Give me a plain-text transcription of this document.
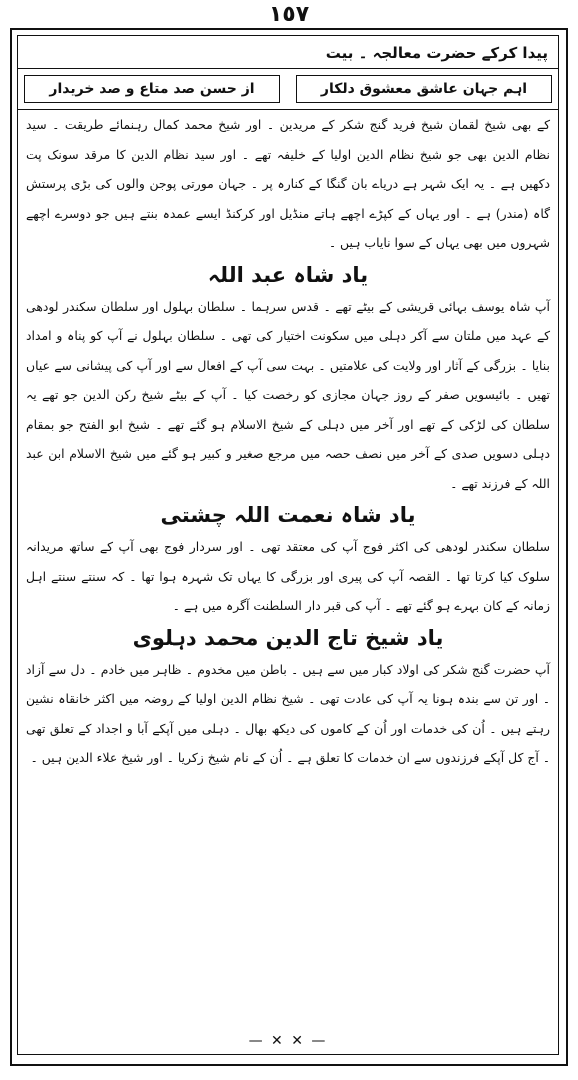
١٥٧
پیدا کرکے حضرت معالجہ ۔ بیت
اہم جہان عاشق معشوق دلکار
از حسن صد متاع و صد خریدار

کے بھی شیخ لقمان شیخ فرید گنج شکر کے مریدین ۔ اور شیخ محمد کمال رہنمائے طریقت ۔ سید نظام الدین بھی جو شیخ نظام الدین اولیا کے خلیفہ تھے ۔ اور سید نظام الدین کا مرقد سونک پت دکھیں ہے ۔ یہ ایک شہر ہے دریاے بان گنگا کے کنارہ پر ۔ جہان مورتی پوجن والوں کی بڑی پرستش گاہ (مندر) ہے ۔ اور یہاں کے کپڑے اچھے ہاتے منڈیل اور کرکنڈ ایسے عمدہ بنتے ہیں جو دوسرے اچھے شہروں میں بھی یہاں کے سوا نایاب ہیں ۔

یاد شاہ عبد اللہ

آپ شاہ یوسف بہائی قریشی کے بیٹے تھے ۔ قدس سرہما ۔ سلطان بہلول اور سلطان سکندر لودھی کے عہد میں ملتان سے آکر دہلی میں سکونت اختیار کی تھی ۔ سلطان بہلول نے آپ کو پناہ و امداد بنایا ۔ بزرگی کے آثار اور ولایت کی علامتیں ۔ بہت سی آپ کے افعال سے اور آپ کی پیشانی سے عیاں تھیں ۔ بائیسویں صفر کے روز جہان مجازی کو رخصت کیا ۔ آپ کے بیٹے شیخ رکن الدین جو تھے یہ سلطان کی لڑکی کے تھے اور آخر میں دہلی کے شیخ الاسلام ہو گئے تھے ۔ شیخ ابو الفتح جو بمقام دہلی دسویں صدی کے آخر میں نصف حصہ میں مرجع صغیر و کبیر ہو گئے میں شیخ الاسلام ابن عبد اللہ کے فرزند تھے ۔

یاد شاہ نعمت اللہ چشتی

سلطان سکندر لودھی کی اکثر فوج آپ کی معتقد تھی ۔ اور سردار فوج بھی آپ کے ساتھ مریدانہ سلوک کیا کرتا تھا ۔ القصہ آپ کی پیری اور بزرگی کا یہاں تک شہرہ ہوا تھا ۔ کہ سنتے سنتے اہل زمانہ کے کان بہرے ہو گئے تھے ۔ آپ کی قبر دار السلطنت آگرہ میں ہے ۔

یاد شیخ تاج الدین محمد دہلوی

آپ حضرت گنج شکر کی اولاد کبار میں سے ہیں ۔ باطن میں مخدوم ۔ ظاہر میں خادم ۔ دل سے آزاد ۔ اور تن سے بندہ ہونا یہ آپ کی عادت تھی ۔ شیخ نظام الدین اولیا کے روضہ میں اکثر خانقاہ نشین رہتے ہیں ۔ اُن کی خدمات اور اُن کے کاموں کی دیکھ بھال ۔ دہلی میں آپکے آبا و اجداد کے تعلق تھی ۔ آج کل آپکے فرزندوں سے ان خدمات کا تعلق ہے ۔ اُن کے نام شیخ زکریا ۔ اور شیخ علاء الدین ہیں ۔

— ✕ ✕ —
